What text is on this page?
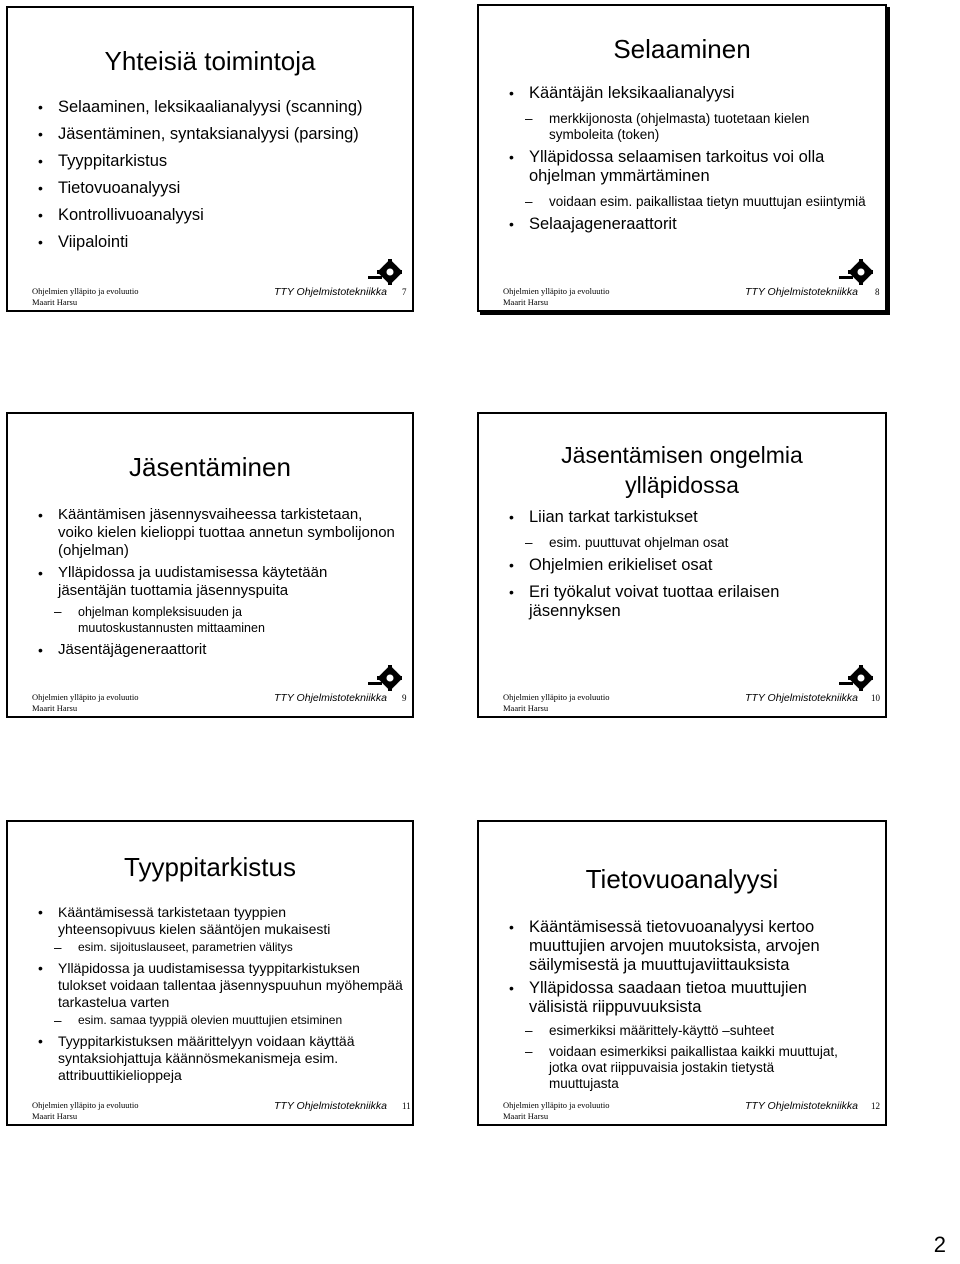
Yhteisiä toimintoja

• Selaaminen, leksikaalianalyysi (scanning)

• Jäsentäminen, syntaksianalyysi (parsing)

• Tyyppitarkistus

• Tietovuoanalyysi

• Kontrollivuoanalyysi

• Viipalointi

Ohjelmien ylläpito ja evoluutio
Maarit Harsu
TTY Ohjelmistotekniikka 7
Selaaminen

• Kääntäjän leksikaalianalyysi

– merkkijonosta (ohjelmasta) tuotetaan kielen symboleita (token)

• Ylläpidossa selaamisen tarkoitus voi olla ohjelman ymmärtäminen

– voidaan esim. paikallistaa tietyn muuttujan esiintymiä

• Selaajageneraattorit

Ohjelmien ylläpito ja evoluutio
Maarit Harsu
TTY Ohjelmistotekniikka 8
Jäsentäminen

• Kääntämisen jäsennysvaiheessa tarkistetaan, voiko kielen kielioppi tuottaa annetun symbolijonon (ohjelman)

• Ylläpidossa ja uudistamisessa käytetään jäsentäjän tuottamia jäsennyspuita

– ohjelman kompleksisuuden ja muutoskustannusten mittaaminen

• Jäsentäjägeneraattorit

Ohjelmien ylläpito ja evoluutio
Maarit Harsu
TTY Ohjelmistotekniikka 9
Jäsentämisen ongelmia ylläpidossa

• Liian tarkat tarkistukset

– esim. puuttuvat ohjelman osat

• Ohjelmien erikieliset osat

• Eri työkalut voivat tuottaa erilaisen jäsennyksen

Ohjelmien ylläpito ja evoluutio
Maarit Harsu
TTY Ohjelmistotekniikka 10
Tyyppitarkistus

• Kääntämisessä tarkistetaan tyyppien yhteensopivuus kielen sääntöjen mukaisesti

– esim. sijoituslauseet, parametrien välitys

• Ylläpidossa ja uudistamisessa tyyppitarkistuksen tulokset voidaan tallentaa jäsennyspuuhun myöhempää tarkastelua varten

– esim. samaa tyyppiä olevien muuttujien etsiminen

• Tyyppitarkistuksen määrittelyyn voidaan käyttää syntaksiohjattuja käännösmekanismeja esim. attribuuttikielioppeja

Ohjelmien ylläpito ja evoluutio
Maarit Harsu
TTY Ohjelmistotekniikka 11
Tietovuoanalyysi

• Kääntämisessä tietovuoanalyysi kertoo muuttujien arvojen muutoksista, arvojen säilymisestä ja muuttujaviittauksista

• Ylläpidossa saadaan tietoa muuttujien välisistä riippuvuuksista

– esimerkiksi määrittely-käyttö –suhteet

– voidaan esimerkiksi paikallistaa kaikki muuttujat, jotka ovat riippuvaisia jostakin tietystä muuttujasta

Ohjelmien ylläpito ja evoluutio
Maarit Harsu
TTY Ohjelmistotekniikka 12
2
